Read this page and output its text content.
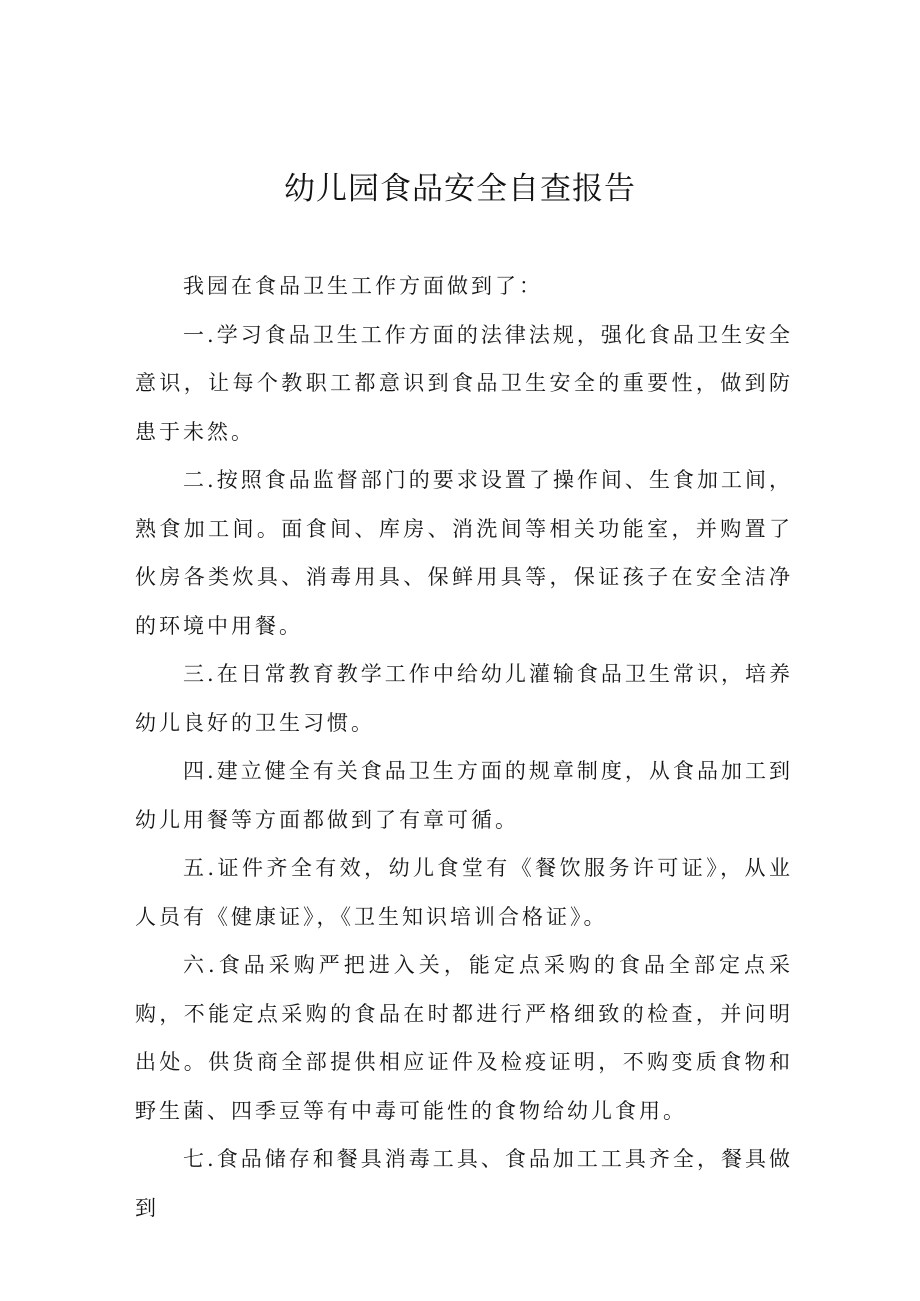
幼儿园食品安全自查报告

我园在食品卫生工作方面做到了：

一.学习食品卫生工作方面的法律法规，强化食品卫生安全意识，让每个教职工都意识到食品卫生安全的重要性，做到防患于未然。

二.按照食品监督部门的要求设置了操作间、生食加工间，熟食加工间。面食间、库房、消洗间等相关功能室，并购置了伙房各类炊具、消毒用具、保鲜用具等，保证孩子在安全洁净的环境中用餐。

三.在日常教育教学工作中给幼儿灌输食品卫生常识，培养幼儿良好的卫生习惯。

四.建立健全有关食品卫生方面的规章制度，从食品加工到幼儿用餐等方面都做到了有章可循。

五.证件齐全有效，幼儿食堂有《餐饮服务许可证》，从业人员有《健康证》，《卫生知识培训合格证》。

六.食品采购严把进入关，能定点采购的食品全部定点采购，不能定点采购的食品在时都进行严格细致的检查，并问明出处。供货商全部提供相应证件及检疫证明，不购变质食物和野生菌、四季豆等有中毒可能性的食物给幼儿食用。

七.食品储存和餐具消毒工具、食品加工工具齐全，餐具做到
